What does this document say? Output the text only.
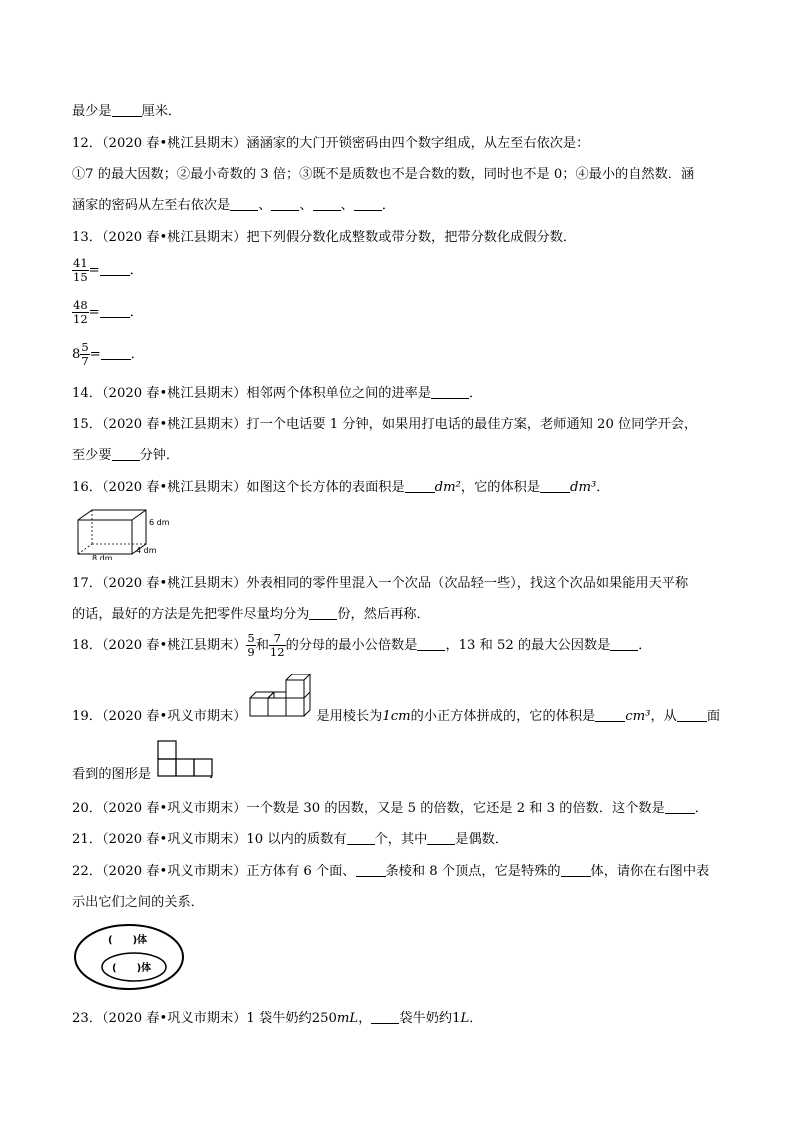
最少是 厘米．
12．（2020 春•桃江县期末）涵涵家的大门开锁密码由四个数字组成，从左至右依次是：
①7 的最大因数；②最小奇数的 3 倍；③既不是质数也不是合数的数，同时也不是 0；④最小的自然数．涵
涵家的密码从左至右依次是 、 、 、 ．
13．（2020 春•桃江县期末）把下列假分数化成整数或带分数，把带分数化成假分数．
$\frac{41}{15}$ = ．
$\frac{48}{12}$ = ．
$8 \frac{5}{7}$ = ．
14．（2020 春•桃江县期末）相邻两个体积单位之间的进率是	．
15．（2020 春•桃江县期末）打一个电话要 1 分钟，如果用打电话的最佳方案，老师通知 20 位同学开会，
至少要 分钟．
16．（2020 春•桃江县期末）如图这个长方体的表面积是 dm²，它的体积是 dm³．
6 dm
4 dm
8 dm
17．（2020 春•桃江县期末）外表相同的零件里混入一个次品（次品轻一些），找这个次品如果能用天平称
的话，最好的方法是先把零件尽量均分为 份，然后再称．
18．（2020 春•桃江县期末） $\frac{5}{9}$ 和 $\frac{7}{12}$ 的分母的最小公倍数是 ，13 和 52 的最大公因数是 ．
19．（2020 春•巩义市期末）	是用棱长为1cm的小正方体拼成的，它的体积是 cm³，从 面
看到的图形是	．
20．（2020 春•巩义市期末）一个数是 30 的因数，又是 5 的倍数，它还是 2 和 3 的倍数．这个数是 ．
21．（2020 春•巩义市期末）10 以内的质数有 个，其中 是偶数．
22．（2020 春•巩义市期末）正方体有 6 个面、 条棱和 8 个顶点，它是特殊的 体，请你在右图中表
示出它们之间的关系．
(　　)体
(　　)体
23．（2020 春•巩义市期末）1 袋牛奶约250mL， 袋牛奶约1L．
